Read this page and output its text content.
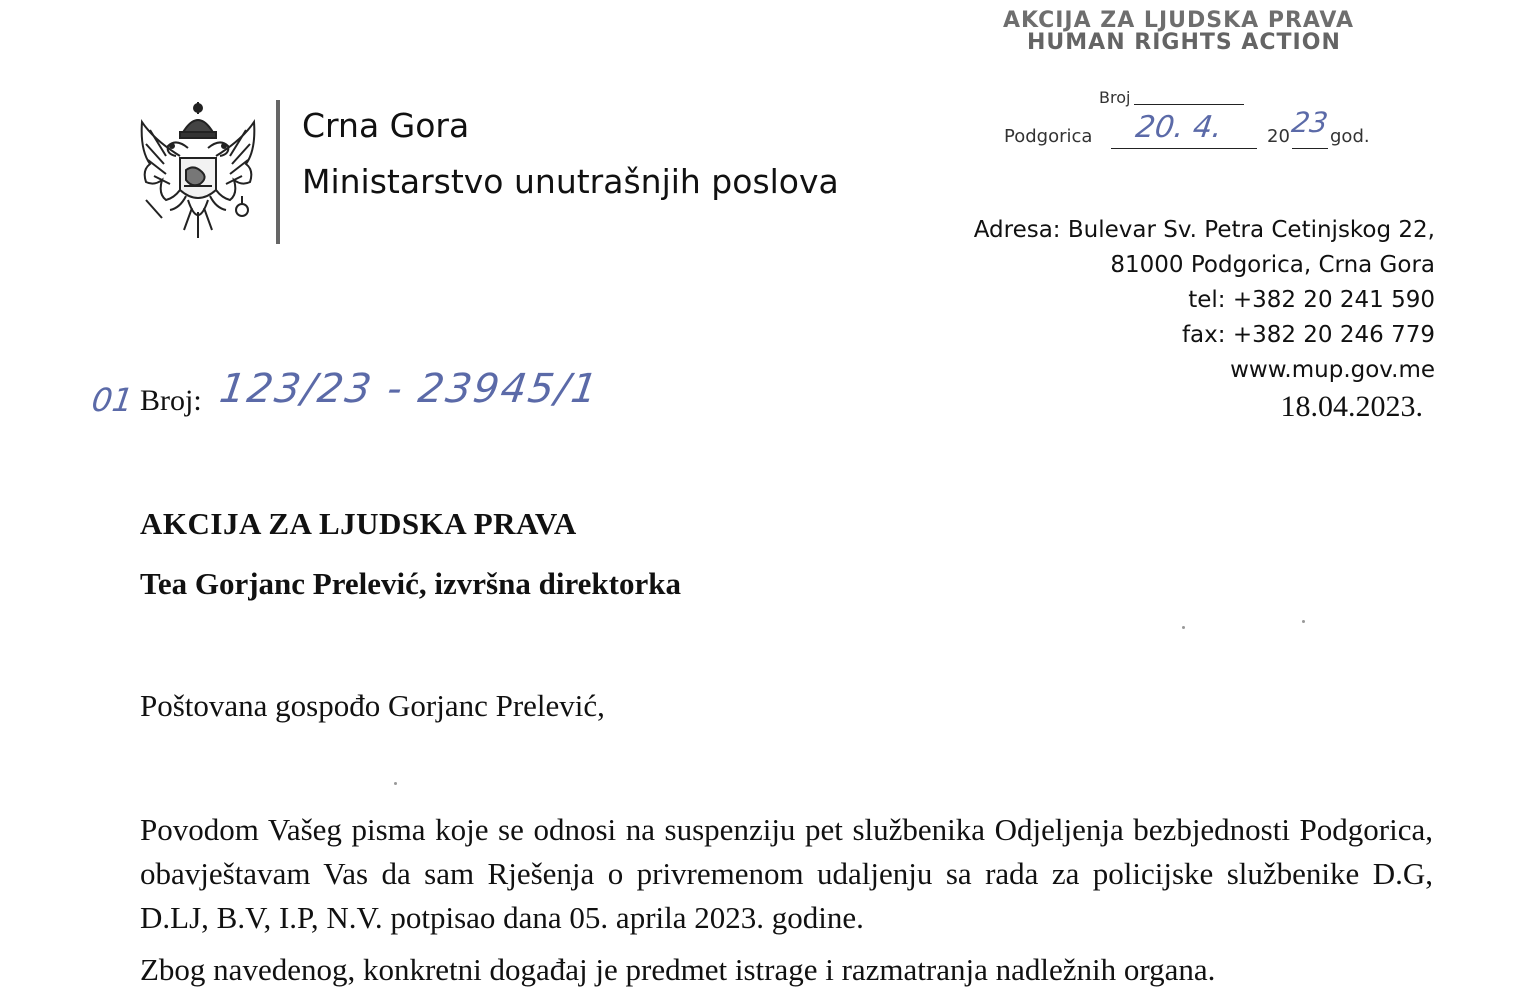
AKCIJA ZA LJUDSKA PRAVA
HUMAN RIGHTS ACTION
Broj
Podgorica 20. 4. 20 23 god.
Crna Gora
Ministarstvo unutrašnjih poslova
Adresa: Bulevar Sv. Petra Cetinjskog 22,
81000 Podgorica, Crna Gora
tel: +382 20 241 590
fax: +382 20 246 779
www.mup.gov.me
18.04.2023.
01 Broj: 123/23 - 23945/1
AKCIJA ZA LJUDSKA PRAVA
Tea Gorjanc Prelević, izvršna direktorka
Poštovana gospođo Gorjanc Prelević,
Povodom Vašeg pisma koje se odnosi na suspenziju pet službenika Odjeljenja bezbjednosti Podgorica, obavještavam Vas da sam Rješenja o privremenom udaljenju sa rada za policijske službenike D.G, D.LJ, B.V, I.P, N.V. potpisao dana 05. aprila 2023. godine.
Zbog navedenog, konkretni događaj je predmet istrage i razmatranja nadležnih organa.
